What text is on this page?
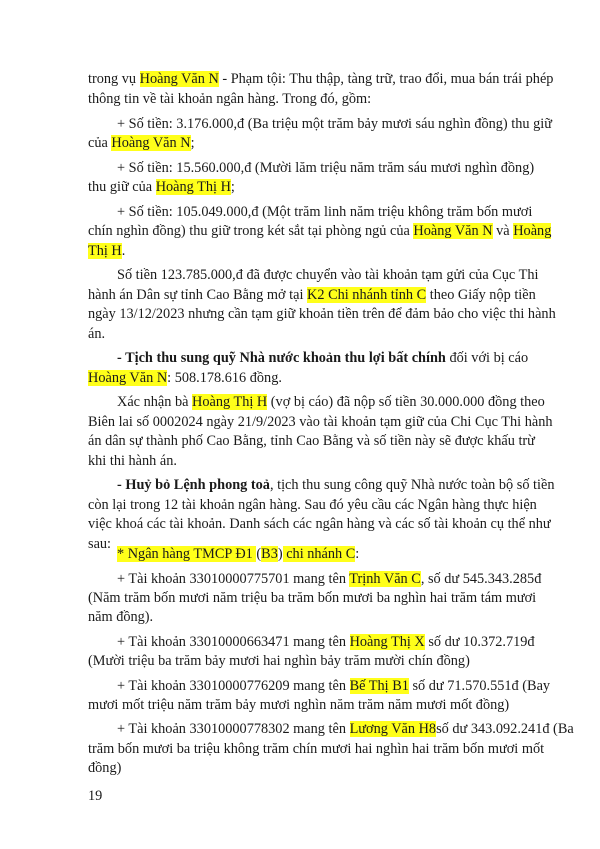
trong vụ Hoàng Văn N - Phạm tội: Thu thập, tàng trữ, trao đổi, mua bán trái phép
thông tin về tài khoản ngân hàng. Trong đó, gồm:
+ Số tiền: 3.176.000,đ (Ba triệu một trăm bảy mươi sáu nghìn đồng) thu giữ
của Hoàng Văn N;
+ Số tiền: 15.560.000,đ (Mười lăm triệu năm trăm sáu mươi nghìn đồng)
thu giữ của Hoàng Thị H;
+ Số tiền: 105.049.000,đ (Một trăm linh năm triệu không trăm bốn mươi
chín nghìn đồng) thu giữ trong két sắt tại phòng ngủ của Hoàng Văn N và Hoàng
Thị H.
Số tiền 123.785.000,đ đã được chuyển vào tài khoản tạm gửi của Cục Thi
hành án Dân sự tỉnh Cao Bằng mở tại K2 Chi nhánh tỉnh C theo Giấy nộp tiền
ngày 13/12/2023 nhưng cần tạm giữ khoản tiền trên để đảm bảo cho việc thi hành
án.
- Tịch thu sung quỹ Nhà nước khoản thu lợi bất chính đối với bị cáo
Hoàng Văn N: 508.178.616 đồng.
Xác nhận bà Hoàng Thị H (vợ bị cáo) đã nộp số tiền 30.000.000 đồng theo
Biên lai số 0002024 ngày 21/9/2023 vào tài khoản tạm giữ của Chi Cục Thi hành
án dân sự thành phố Cao Bằng, tỉnh Cao Bằng và số tiền này sẽ được khấu trừ
khi thi hành án.
- Huỷ bỏ Lệnh phong toả, tịch thu sung công quỹ Nhà nước toàn bộ số tiền
còn lại trong 12 tài khoản ngân hàng. Sau đó yêu cầu các Ngân hàng thực hiện
việc khoá các tài khoản. Danh sách các ngân hàng và các số tài khoản cụ thể như
sau:
* Ngân hàng TMCP Đ1 (B3) chi nhánh C:
+ Tài khoản 33010000775701 mang tên Trịnh Văn C, số dư 545.343.285đ
(Năm trăm bốn mươi năm triệu ba trăm bốn mươi ba nghìn hai trăm tám mươi
năm đồng).
+ Tài khoản 33010000663471 mang tên Hoàng Thị X số dư 10.372.719đ
(Mười triệu ba trăm bảy mươi hai nghìn bảy trăm mười chín đồng)
+ Tài khoản 33010000776209 mang tên Bế Thị B1 số dư 71.570.551đ (Bay
mươi mốt triệu năm trăm bảy mươi nghìn năm trăm năm mươi mốt đồng)
+ Tài khoản 33010000778302 mang tên Lương Văn H8số dư 343.092.241đ (Ba
trăm bốn mươi ba triệu không trăm chín mươi hai nghìn hai trăm bốn mươi mốt
đồng)
19
